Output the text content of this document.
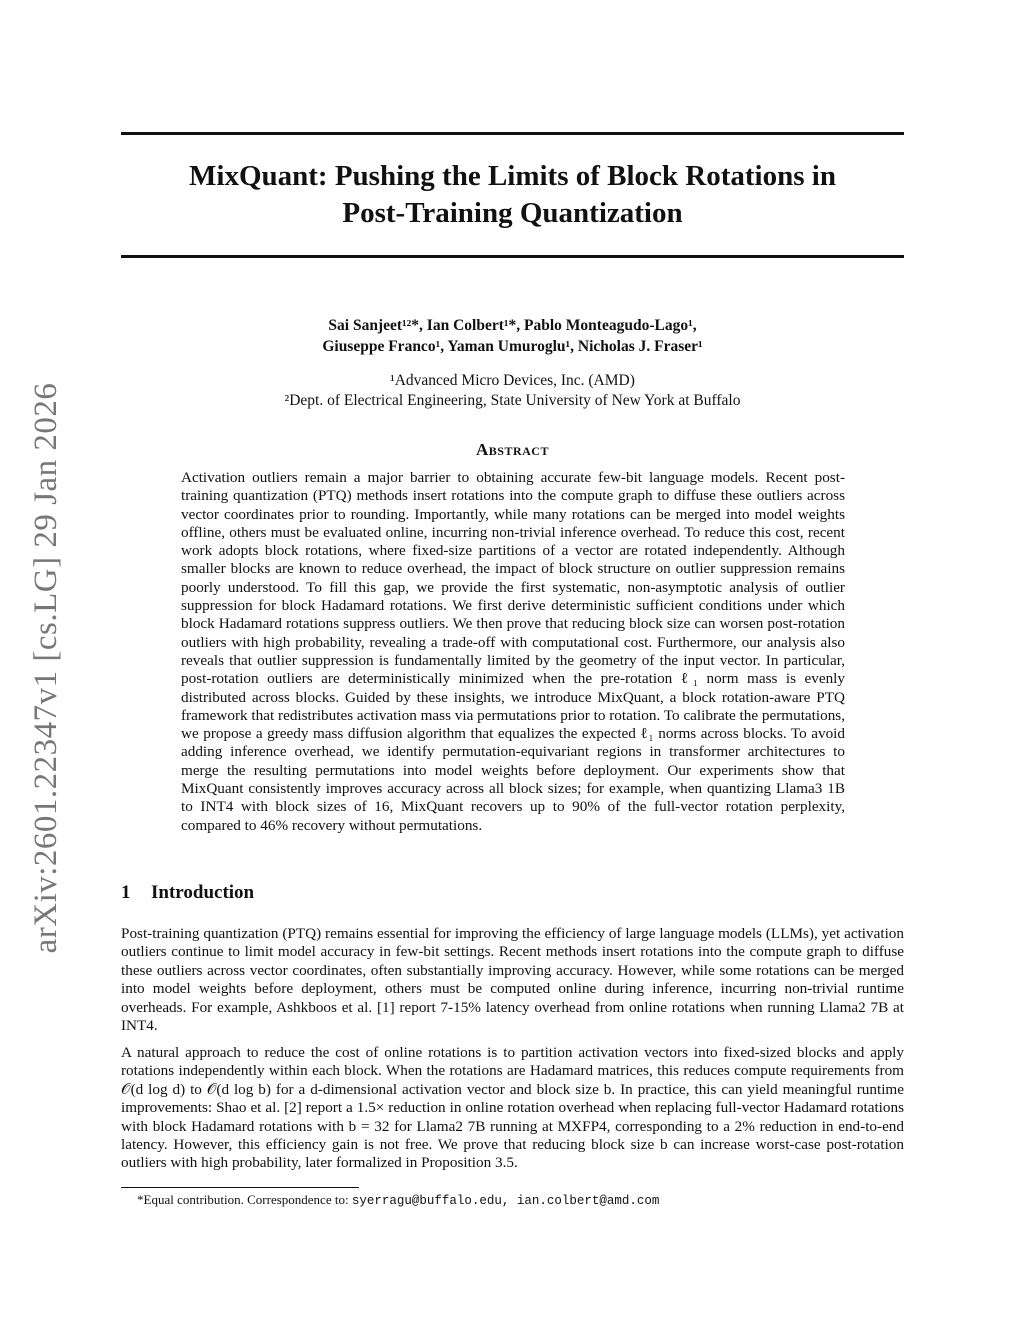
arXiv:2601.22347v1 [cs.LG] 29 Jan 2026
MixQuant: Pushing the Limits of Block Rotations in
Post-Training Quantization
Sai Sanjeet¹²*, Ian Colbert¹*, Pablo Monteagudo-Lago¹,
Giuseppe Franco¹, Yaman Umuroglu¹, Nicholas J. Fraser¹
¹Advanced Micro Devices, Inc. (AMD)
²Dept. of Electrical Engineering, State University of New York at Buffalo
Abstract
Activation outliers remain a major barrier to obtaining accurate few-bit language models. Recent post-training quantization (PTQ) methods insert rotations into the compute graph to diffuse these outliers across vector coordinates prior to rounding. Importantly, while many rotations can be merged into model weights offline, others must be evaluated online, incurring non-trivial inference overhead. To reduce this cost, recent work adopts block rotations, where fixed-size partitions of a vector are rotated independently. Although smaller blocks are known to reduce overhead, the impact of block structure on outlier suppression remains poorly understood. To fill this gap, we provide the first systematic, non-asymptotic analysis of outlier suppression for block Hadamard rotations. We first derive deterministic sufficient conditions under which block Hadamard rotations suppress outliers. We then prove that reducing block size can worsen post-rotation outliers with high probability, revealing a trade-off with computational cost. Furthermore, our analysis also reveals that outlier suppression is fundamentally limited by the geometry of the input vector. In particular, post-rotation outliers are deterministically minimized when the pre-rotation ℓ₁ norm mass is evenly distributed across blocks. Guided by these insights, we introduce MixQuant, a block rotation-aware PTQ framework that redistributes activation mass via permutations prior to rotation. To calibrate the permutations, we propose a greedy mass diffusion algorithm that equalizes the expected ℓ₁ norms across blocks. To avoid adding inference overhead, we identify permutation-equivariant regions in transformer architectures to merge the resulting permutations into model weights before deployment. Our experiments show that MixQuant consistently improves accuracy across all block sizes; for example, when quantizing Llama3 1B to INT4 with block sizes of 16, MixQuant recovers up to 90% of the full-vector rotation perplexity, compared to 46% recovery without permutations.
1 Introduction
Post-training quantization (PTQ) remains essential for improving the efficiency of large language models (LLMs), yet activation outliers continue to limit model accuracy in few-bit settings. Recent methods insert rotations into the compute graph to diffuse these outliers across vector coordinates, often substantially improving accuracy. However, while some rotations can be merged into model weights before deployment, others must be computed online during inference, incurring non-trivial runtime overheads. For example, Ashkboos et al. [1] report 7-15% latency overhead from online rotations when running Llama2 7B at INT4.
A natural approach to reduce the cost of online rotations is to partition activation vectors into fixed-sized blocks and apply rotations independently within each block. When the rotations are Hadamard matrices, this reduces compute requirements from 𝒪(d log d) to 𝒪(d log b) for a d-dimensional activation vector and block size b. In practice, this can yield meaningful runtime improvements: Shao et al. [2] report a 1.5× reduction in online rotation overhead when replacing full-vector Hadamard rotations with block Hadamard rotations with b = 32 for Llama2 7B running at MXFP4, corresponding to a 2% reduction in end-to-end latency. However, this efficiency gain is not free. We prove that reducing block size b can increase worst-case post-rotation outliers with high probability, later formalized in Proposition 3.5.
*Equal contribution. Correspondence to: syerragu@buffalo.edu, ian.colbert@amd.com
